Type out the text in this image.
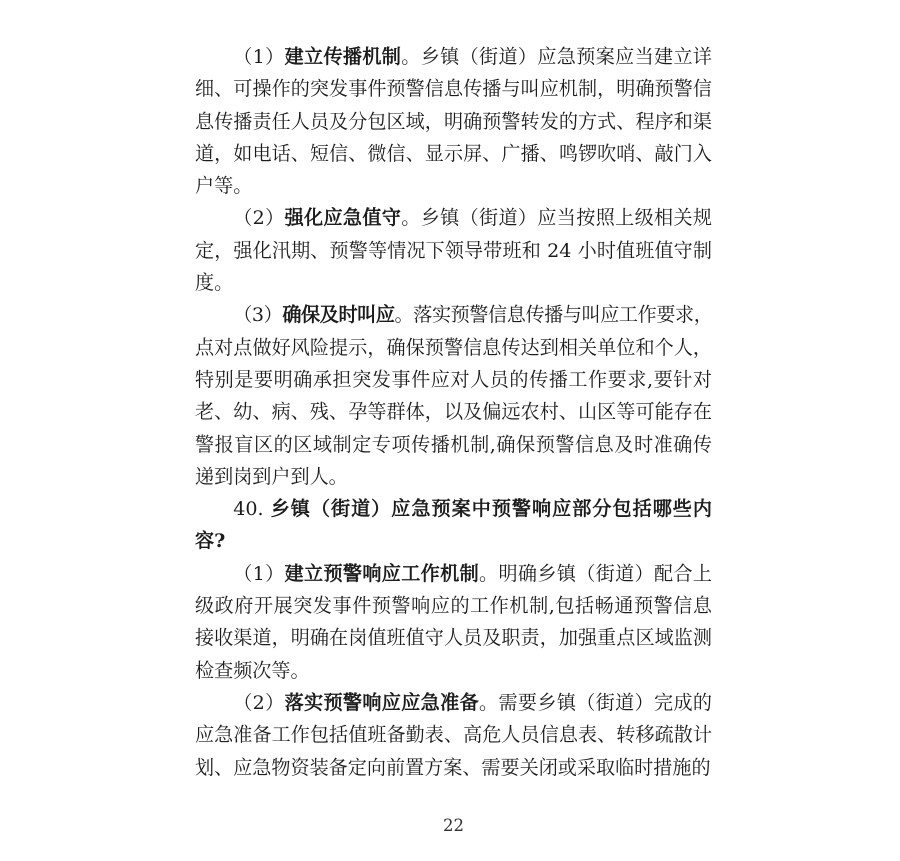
（1）建立传播机制。乡镇（街道）应急预案应当建立详细、可操作的突发事件预警信息传播与叫应机制，明确预警信息传播责任人员及分包区域，明确预警转发的方式、程序和渠道，如电话、短信、微信、显示屏、广播、鸣锣吹哨、敲门入户等。

（2）强化应急值守。乡镇（街道）应当按照上级相关规定，强化汛期、预警等情况下领导带班和 24 小时值班值守制度。

（3）确保及时叫应。落实预警信息传播与叫应工作要求，点对点做好风险提示，确保预警信息传达到相关单位和个人，特别是要明确承担突发事件应对人员的传播工作要求,要针对老、幼、病、残、孕等群体，以及偏远农村、山区等可能存在警报盲区的区域制定专项传播机制,确保预警信息及时准确传递到岗到户到人。

40. 乡镇（街道）应急预案中预警响应部分包括哪些内容?

（1）建立预警响应工作机制。明确乡镇（街道）配合上级政府开展突发事件预警响应的工作机制,包括畅通预警信息接收渠道，明确在岗值班值守人员及职责，加强重点区域监测检查频次等。

（2）落实预警响应应急准备。需要乡镇（街道）完成的应急准备工作包括值班备勤表、高危人员信息表、转移疏散计划、应急物资装备定向前置方案、需要关闭或采取临时措施的

22
